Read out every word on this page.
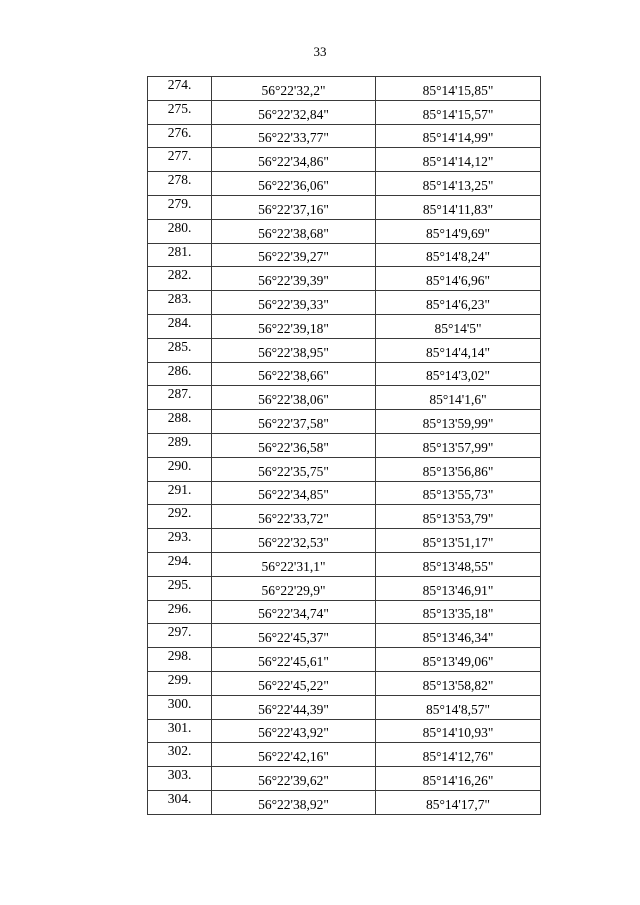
33
274.	56°22'32,2"	85°14'15,85"
275.	56°22'32,84"	85°14'15,57"
276.	56°22'33,77"	85°14'14,99"
277.	56°22'34,86"	85°14'14,12"
278.	56°22'36,06"	85°14'13,25"
279.	56°22'37,16"	85°14'11,83"
280.	56°22'38,68"	85°14'9,69"
281.	56°22'39,27"	85°14'8,24"
282.	56°22'39,39"	85°14'6,96"
283.	56°22'39,33"	85°14'6,23"
284.	56°22'39,18"	85°14'5"
285.	56°22'38,95"	85°14'4,14"
286.	56°22'38,66"	85°14'3,02"
287.	56°22'38,06"	85°14'1,6"
288.	56°22'37,58"	85°13'59,99"
289.	56°22'36,58"	85°13'57,99"
290.	56°22'35,75"	85°13'56,86"
291.	56°22'34,85"	85°13'55,73"
292.	56°22'33,72"	85°13'53,79"
293.	56°22'32,53"	85°13'51,17"
294.	56°22'31,1"	85°13'48,55"
295.	56°22'29,9"	85°13'46,91"
296.	56°22'34,74"	85°13'35,18"
297.	56°22'45,37"	85°13'46,34"
298.	56°22'45,61"	85°13'49,06"
299.	56°22'45,22"	85°13'58,82"
300.	56°22'44,39"	85°14'8,57"
301.	56°22'43,92"	85°14'10,93"
302.	56°22'42,16"	85°14'12,76"
303.	56°22'39,62"	85°14'16,26"
304.	56°22'38,92"	85°14'17,7"
